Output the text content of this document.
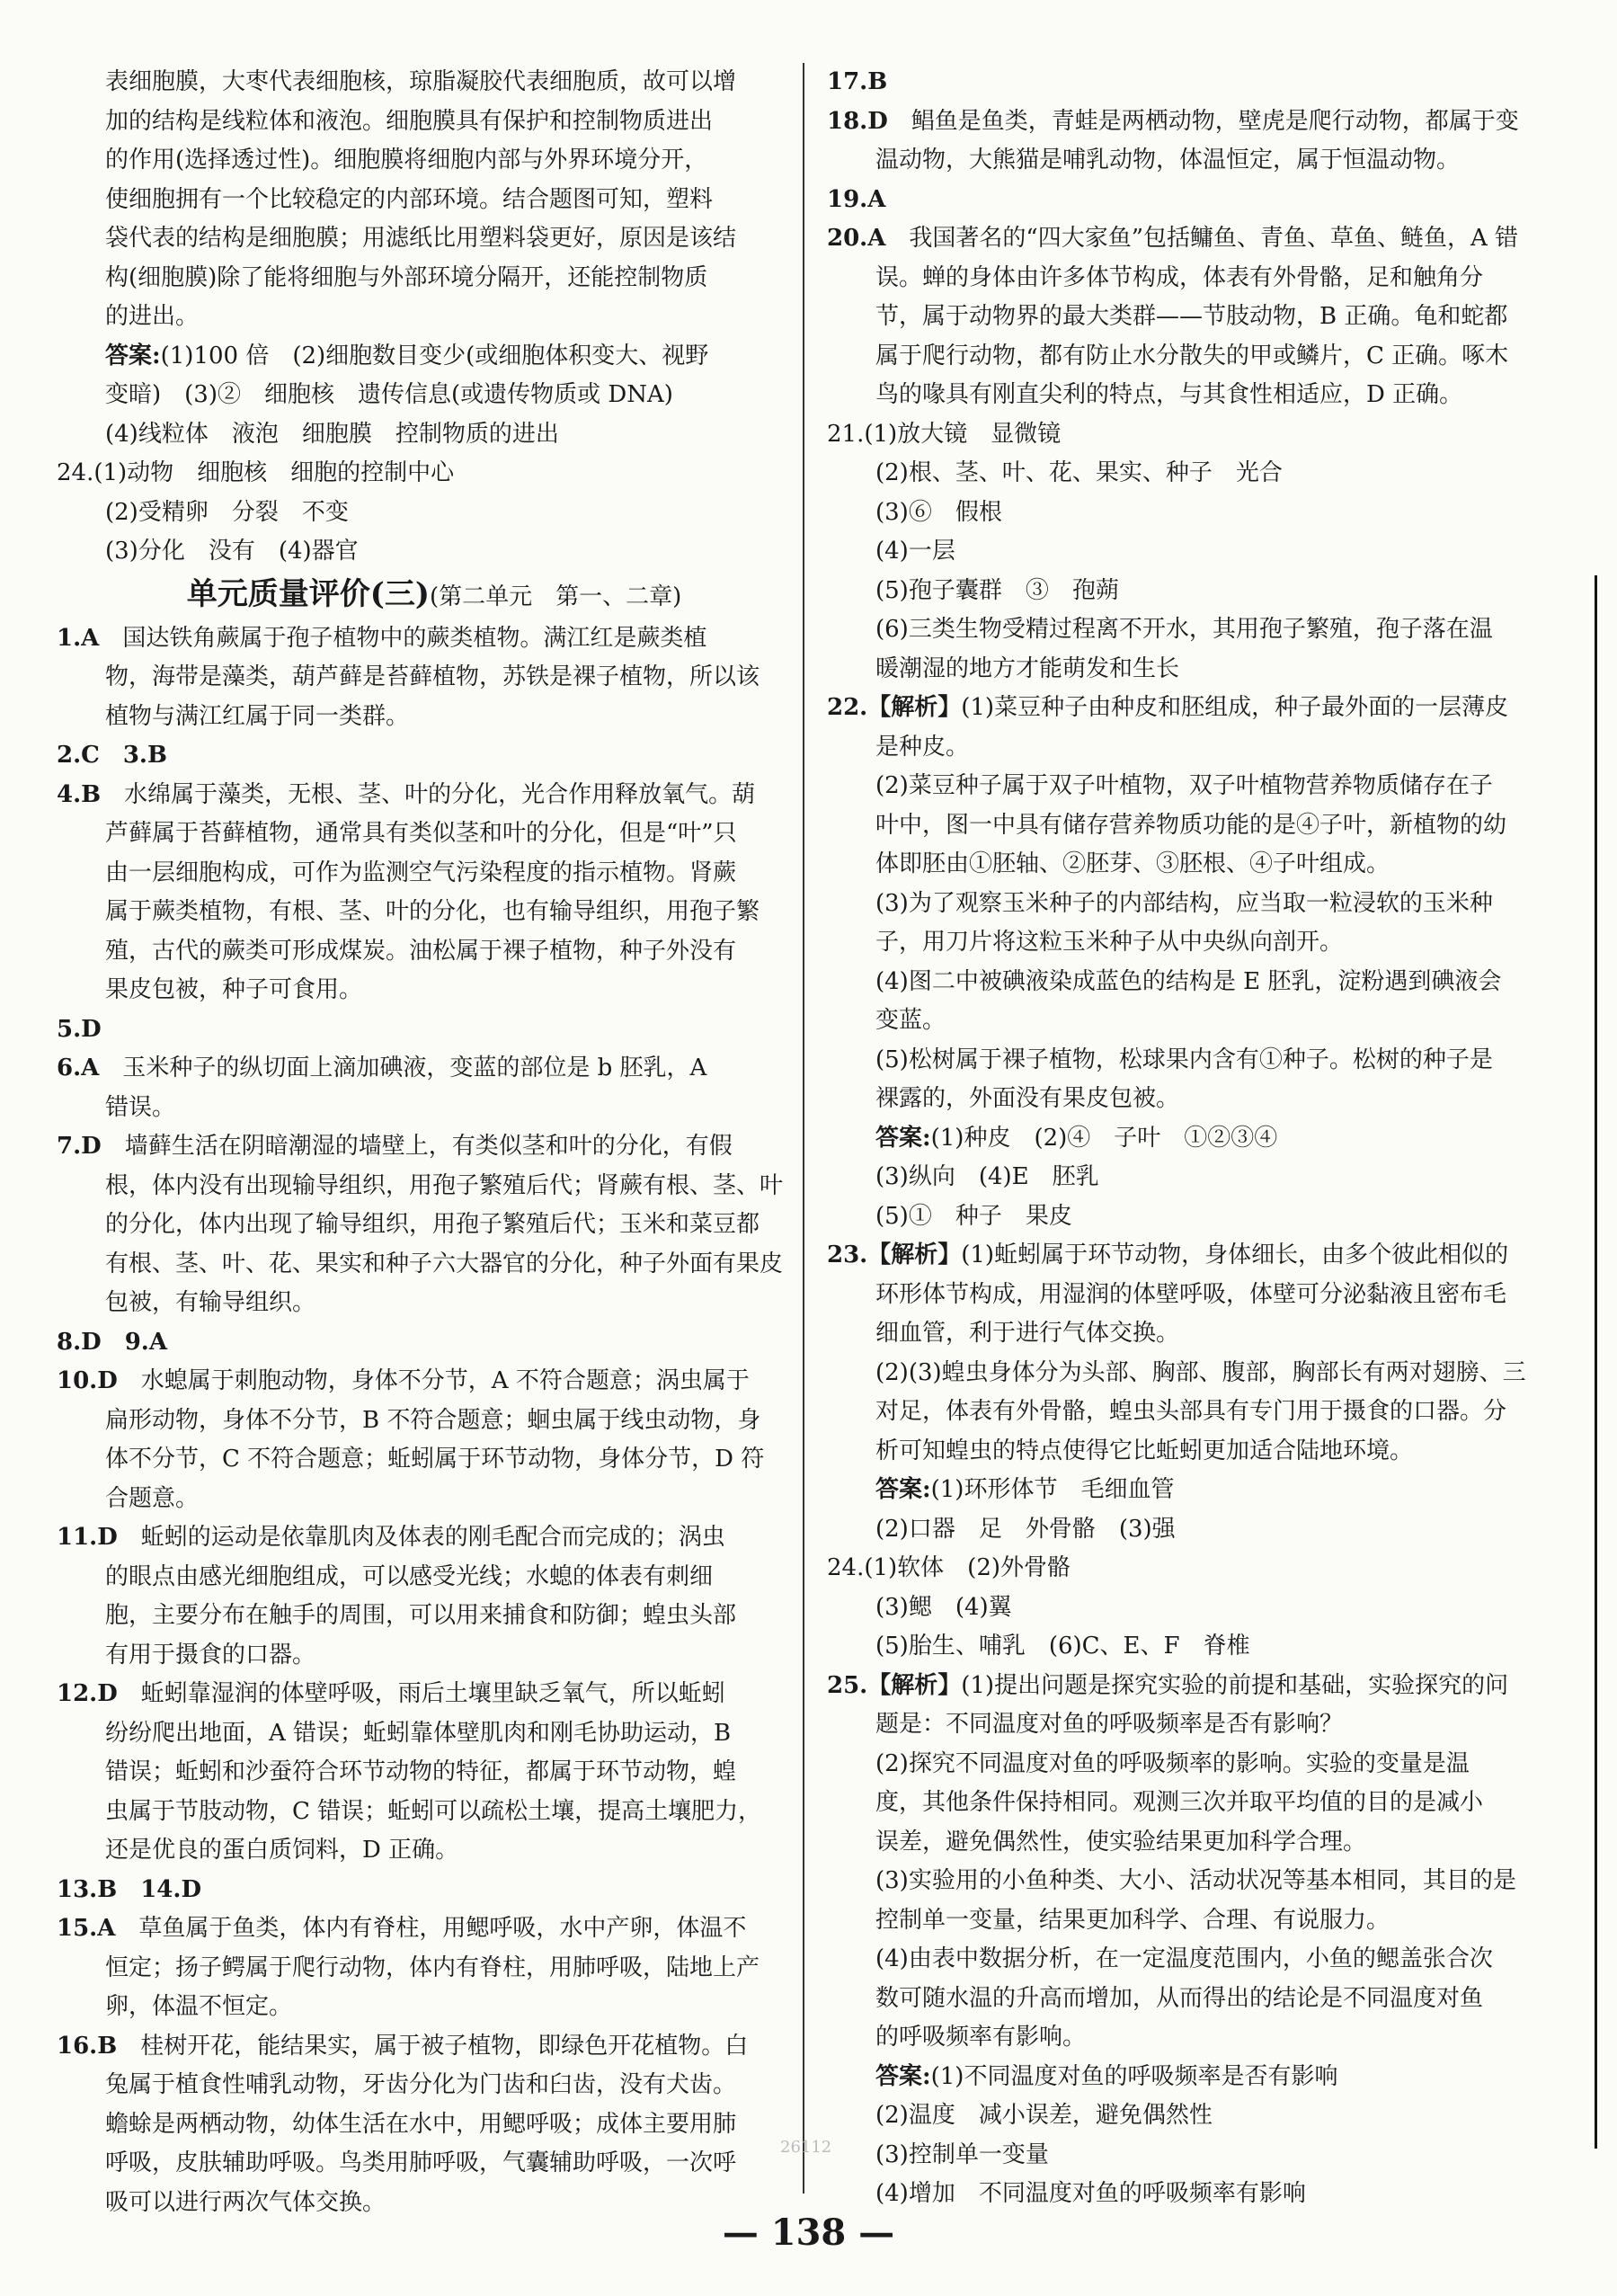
表细胞膜，大枣代表细胞核，琼脂凝胶代表细胞质，故可以增
加的结构是线粒体和液泡。细胞膜具有保护和控制物质进出
的作用(选择透过性)。细胞膜将细胞内部与外界环境分开，
使细胞拥有一个比较稳定的内部环境。结合题图可知，塑料
袋代表的结构是细胞膜；用滤纸比用塑料袋更好，原因是该结
构(细胞膜)除了能将细胞与外部环境分隔开，还能控制物质
的进出。
答案:(1)100 倍　(2)细胞数目变少(或细胞体积变大、视野
变暗)　(3)②　细胞核　遗传信息(或遗传物质或 DNA)
(4)线粒体　液泡　细胞膜　控制物质的进出
24.(1)动物　细胞核　细胞的控制中心
(2)受精卵　分裂　不变
(3)分化　没有　(4)器官
单元质量评价(三)(第二单元　第一、二章)
1.A　国达铁角蕨属于孢子植物中的蕨类植物。满江红是蕨类植
物，海带是藻类，葫芦藓是苔藓植物，苏铁是裸子植物，所以该
植物与满江红属于同一类群。
2.C　3.B
4.B　水绵属于藻类，无根、茎、叶的分化，光合作用释放氧气。葫
芦藓属于苔藓植物，通常具有类似茎和叶的分化，但是“叶”只
由一层细胞构成，可作为监测空气污染程度的指示植物。肾蕨
属于蕨类植物，有根、茎、叶的分化，也有输导组织，用孢子繁
殖，古代的蕨类可形成煤炭。油松属于裸子植物，种子外没有
果皮包被，种子可食用。
5.D
6.A　玉米种子的纵切面上滴加碘液，变蓝的部位是 b 胚乳，A
错误。
7.D　墙藓生活在阴暗潮湿的墙壁上，有类似茎和叶的分化，有假
根，体内没有出现输导组织，用孢子繁殖后代；肾蕨有根、茎、叶
的分化，体内出现了输导组织，用孢子繁殖后代；玉米和菜豆都
有根、茎、叶、花、果实和种子六大器官的分化，种子外面有果皮
包被，有输导组织。
8.D　9.A
10.D　水螅属于刺胞动物，身体不分节，A 不符合题意；涡虫属于
扁形动物，身体不分节，B 不符合题意；蛔虫属于线虫动物，身
体不分节，C 不符合题意；蚯蚓属于环节动物，身体分节，D 符
合题意。
11.D　蚯蚓的运动是依靠肌肉及体表的刚毛配合而完成的；涡虫
的眼点由感光细胞组成，可以感受光线；水螅的体表有刺细
胞，主要分布在触手的周围，可以用来捕食和防御；蝗虫头部
有用于摄食的口器。
12.D　蚯蚓靠湿润的体壁呼吸，雨后土壤里缺乏氧气，所以蚯蚓
纷纷爬出地面，A 错误；蚯蚓靠体壁肌肉和刚毛协助运动，B
错误；蚯蚓和沙蚕符合环节动物的特征，都属于环节动物，蝗
虫属于节肢动物，C 错误；蚯蚓可以疏松土壤，提高土壤肥力，
还是优良的蛋白质饲料，D 正确。
13.B　14.D
15.A　草鱼属于鱼类，体内有脊柱，用鳃呼吸，水中产卵，体温不
恒定；扬子鳄属于爬行动物，体内有脊柱，用肺呼吸，陆地上产
卵，体温不恒定。
16.B　桂树开花，能结果实，属于被子植物，即绿色开花植物。白
兔属于植食性哺乳动物，牙齿分化为门齿和臼齿，没有犬齿。
蟾蜍是两栖动物，幼体生活在水中，用鳃呼吸；成体主要用肺
呼吸，皮肤辅助呼吸。鸟类用肺呼吸，气囊辅助呼吸，一次呼
吸可以进行两次气体交换。
17.B
18.D　鲳鱼是鱼类，青蛙是两栖动物，壁虎是爬行动物，都属于变
温动物，大熊猫是哺乳动物，体温恒定，属于恒温动物。
19.A
20.A　我国著名的“四大家鱼”包括鳙鱼、青鱼、草鱼、鲢鱼，A 错
误。蝉的身体由许多体节构成，体表有外骨骼，足和触角分
节，属于动物界的最大类群——节肢动物，B 正确。龟和蛇都
属于爬行动物，都有防止水分散失的甲或鳞片，C 正确。啄木
鸟的喙具有刚直尖利的特点，与其食性相适应，D 正确。
21.(1)放大镜　显微镜
(2)根、茎、叶、花、果实、种子　光合
(3)⑥　假根
(4)一层
(5)孢子囊群　③　孢蒴
(6)三类生物受精过程离不开水，其用孢子繁殖，孢子落在温
暖潮湿的地方才能萌发和生长
22.【解析】(1)菜豆种子由种皮和胚组成，种子最外面的一层薄皮
是种皮。
(2)菜豆种子属于双子叶植物，双子叶植物营养物质储存在子
叶中，图一中具有储存营养物质功能的是④子叶，新植物的幼
体即胚由①胚轴、②胚芽、③胚根、④子叶组成。
(3)为了观察玉米种子的内部结构，应当取一粒浸软的玉米种
子，用刀片将这粒玉米种子从中央纵向剖开。
(4)图二中被碘液染成蓝色的结构是 E 胚乳，淀粉遇到碘液会
变蓝。
(5)松树属于裸子植物，松球果内含有①种子。松树的种子是
裸露的，外面没有果皮包被。
答案:(1)种皮　(2)④　子叶　①②③④
(3)纵向　(4)E　胚乳
(5)①　种子　果皮
23.【解析】(1)蚯蚓属于环节动物，身体细长，由多个彼此相似的
环形体节构成，用湿润的体壁呼吸，体壁可分泌黏液且密布毛
细血管，利于进行气体交换。
(2)(3)蝗虫身体分为头部、胸部、腹部，胸部长有两对翅膀、三
对足，体表有外骨骼，蝗虫头部具有专门用于摄食的口器。分
析可知蝗虫的特点使得它比蚯蚓更加适合陆地环境。
答案:(1)环形体节　毛细血管
(2)口器　足　外骨骼　(3)强
24.(1)软体　(2)外骨骼
(3)鳃　(4)翼
(5)胎生、哺乳　(6)C、E、F　脊椎
25.【解析】(1)提出问题是探究实验的前提和基础，实验探究的问
题是：不同温度对鱼的呼吸频率是否有影响？
(2)探究不同温度对鱼的呼吸频率的影响。实验的变量是温
度，其他条件保持相同。观测三次并取平均值的目的是减小
误差，避免偶然性，使实验结果更加科学合理。
(3)实验用的小鱼种类、大小、活动状况等基本相同，其目的是
控制单一变量，结果更加科学、合理、有说服力。
(4)由表中数据分析，在一定温度范围内，小鱼的鳃盖张合次
数可随水温的升高而增加，从而得出的结论是不同温度对鱼
的呼吸频率有影响。
答案:(1)不同温度对鱼的呼吸频率是否有影响
(2)温度　减小误差，避免偶然性
(3)控制单一变量
(4)增加　不同温度对鱼的呼吸频率有影响
26112
— 138 —
